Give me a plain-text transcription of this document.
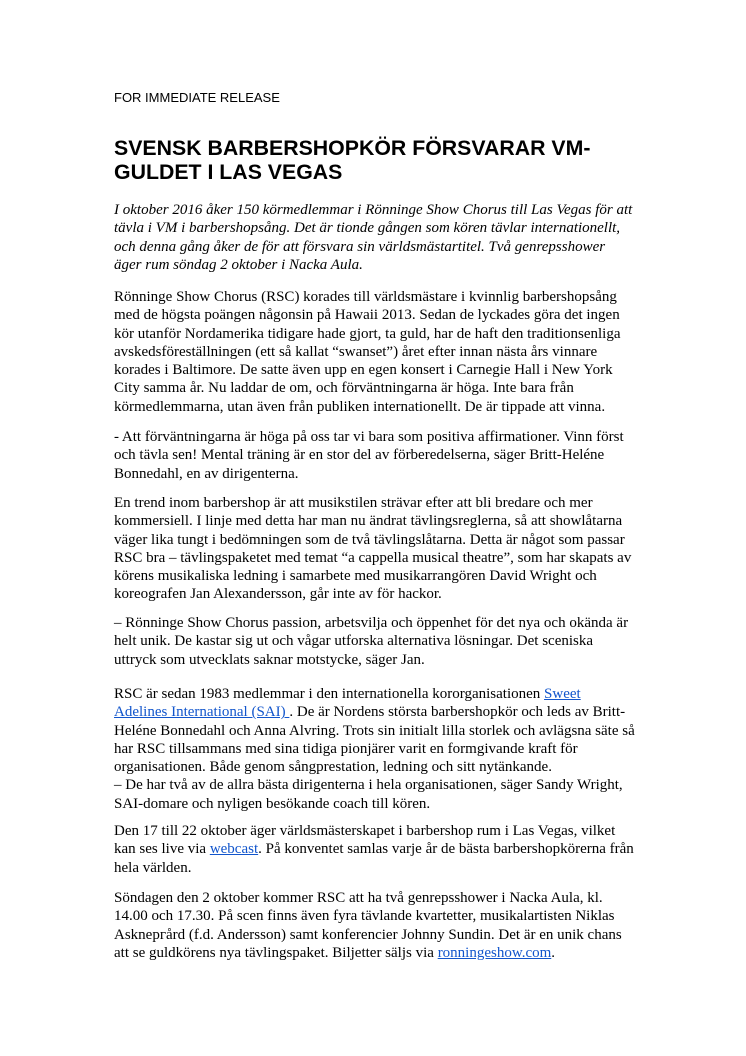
FOR IMMEDIATE RELEASE

SVENSK BARBERSHOPKÖR FÖRSVARAR VM-GULDET I LAS VEGAS

I oktober 2016 åker 150 körmedlemmar i Rönninge Show Chorus till Las Vegas för att tävla i VM i barbershopsång. Det är tionde gången som kören tävlar internationellt, och denna gång åker de för att försvara sin världsmästartitel. Två genrepsshower äger rum söndag 2 oktober i Nacka Aula.

Rönninge Show Chorus (RSC) korades till världsmästare i kvinnlig barbershopsång med de högsta poängen någonsin på Hawaii 2013. Sedan de lyckades göra det ingen kör utanför Nordamerika tidigare hade gjort, ta guld, har de haft den traditionsenliga avskedsföreställningen (ett så kallat “swanset”) året efter innan nästa års vinnare korades i Baltimore. De satte även upp en egen konsert i Carnegie Hall i New York City samma år. Nu laddar de om, och förväntningarna är höga. Inte bara från körmedlemmarna, utan även från publiken internationellt. De är tippade att vinna.

- Att förväntningarna är höga på oss tar vi bara som positiva affirmationer. Vinn först och tävla sen! Mental träning är en stor del av förberedelserna, säger Britt-Heléne Bonnedahl, en av dirigenterna.

En trend inom barbershop är att musikstilen strävar efter att bli bredare och mer kommersiell. I linje med detta har man nu ändrat tävlingsreglerna, så att showlåtarna väger lika tungt i bedömningen som de två tävlingslåtarna. Detta är något som passar RSC bra – tävlingspaketet med temat “a cappella musical theatre”, som har skapats av körens musikaliska ledning i samarbete med musikarrangören David Wright och koreografen Jan Alexandersson, går inte av för hackor.

– Rönninge Show Chorus passion, arbetsvilja och öppenhet för det nya och okända är helt unik. De kastar sig ut och vågar utforska alternativa lösningar. Det sceniska uttryck som utvecklats saknar motstycke, säger Jan.

RSC är sedan 1983 medlemmar i den internationella kororganisationen Sweet Adelines International (SAI) . De är Nordens största barbershopkör och leds av Britt-Heléne Bonnedahl och Anna Alvring. Trots sin initialt lilla storlek och avlägsna säte så har RSC tillsammans med sina tidiga pionjärer varit en formgivande kraft för organisationen. Både genom sångprestation, ledning och sitt nytänkande.
– De har två av de allra bästa dirigenterna i hela organisationen, säger Sandy Wright, SAI-domare och nyligen besökande coach till kören.

Den 17 till 22 oktober äger världsmästerskapet i barbershop rum i Las Vegas, vilket kan ses live via webcast. På konventet samlas varje år de bästa barbershopkörerna från hela världen.

Söndagen den 2 oktober kommer RSC att ha två genrepsshower i Nacka Aula, kl. 14.00 och 17.30. På scen finns även fyra tävlande kvartetter, musikalartisten Niklas Askneргård (f.d. Andersson) samt konferencier Johnny Sundin. Det är en unik chans att se guldkörens nya tävlingspaket. Biljetter säljs via ronningeshow.com.
